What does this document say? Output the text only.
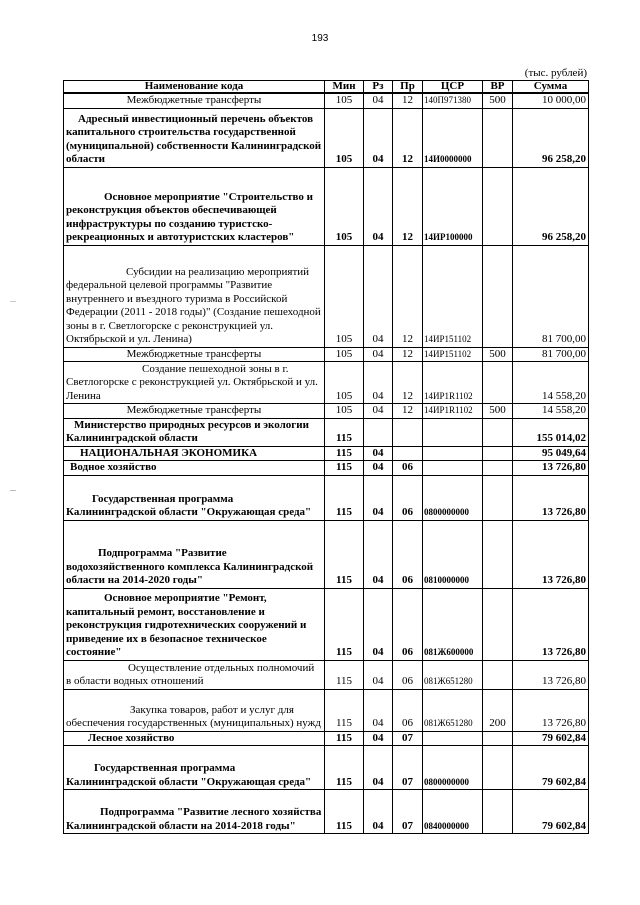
193
(тыс. рублей)
Наименование кода	Мин	Рз	Пр	ЦСР	ВР	Сумма
Межбюджетные трансферты	105	04	12	140П971380	500	10 000,00
Адресный инвестиционный перечень объектов капитального строительства государственной (муниципальной) собственности Калининградской области	105	04	12	14И0000000		96 258,20
Основное мероприятие "Строительство и реконструкция объектов обеспечивающей инфраструктуры по созданию туристско-рекреационных и автотуристских кластеров"	105	04	12	14ИР100000		96 258,20
Субсидии на реализацию мероприятий федеральной целевой программы "Развитие внутреннего и въездного туризма в Российской Федерации (2011 - 2018 годы)" (Создание пешеходной зоны в г. Светлогорске с реконструкцией ул. Октябрьской и ул. Ленина)	105	04	12	14ИР151102		81 700,00
Межбюджетные трансферты	105	04	12	14ИР151102	500	81 700,00
Создание пешеходной зоны в г. Светлогорске с реконструкцией ул. Октябрьской и ул. Ленина	105	04	12	14ИР1R1102		14 558,20
Межбюджетные трансферты	105	04	12	14ИР1R1102	500	14 558,20
Министерство природных ресурсов и экологии Калининградской области	115					155 014,02
НАЦИОНАЛЬНАЯ ЭКОНОМИКА	115	04				95 049,64
Водное хозяйство	115	04	06			13 726,80
Государственная программа Калининградской области "Окружающая среда"	115	04	06	0800000000		13 726,80
Подпрограмма "Развитие водохозяйственного комплекса Калининградской области на 2014-2020 годы"	115	04	06	0810000000		13 726,80
Основное мероприятие "Ремонт, капитальный ремонт, восстановление и реконструкция гидротехнических сооружений и приведение их в безопасное техническое состояние"	115	04	06	081Ж600000		13 726,80
Осуществление отдельных полномочий в области водных отношений	115	04	06	081Ж651280		13 726,80
Закупка товаров, работ и услуг для обеспечения государственных (муниципальных) нужд	115	04	06	081Ж651280	200	13 726,80
Лесное хозяйство	115	04	07			79 602,84
Государственная программа Калининградской области "Окружающая среда"	115	04	07	0800000000		79 602,84
Подпрограмма "Развитие лесного хозяйства Калининградской области на 2014-2018 годы"	115	04	07	0840000000		79 602,84
